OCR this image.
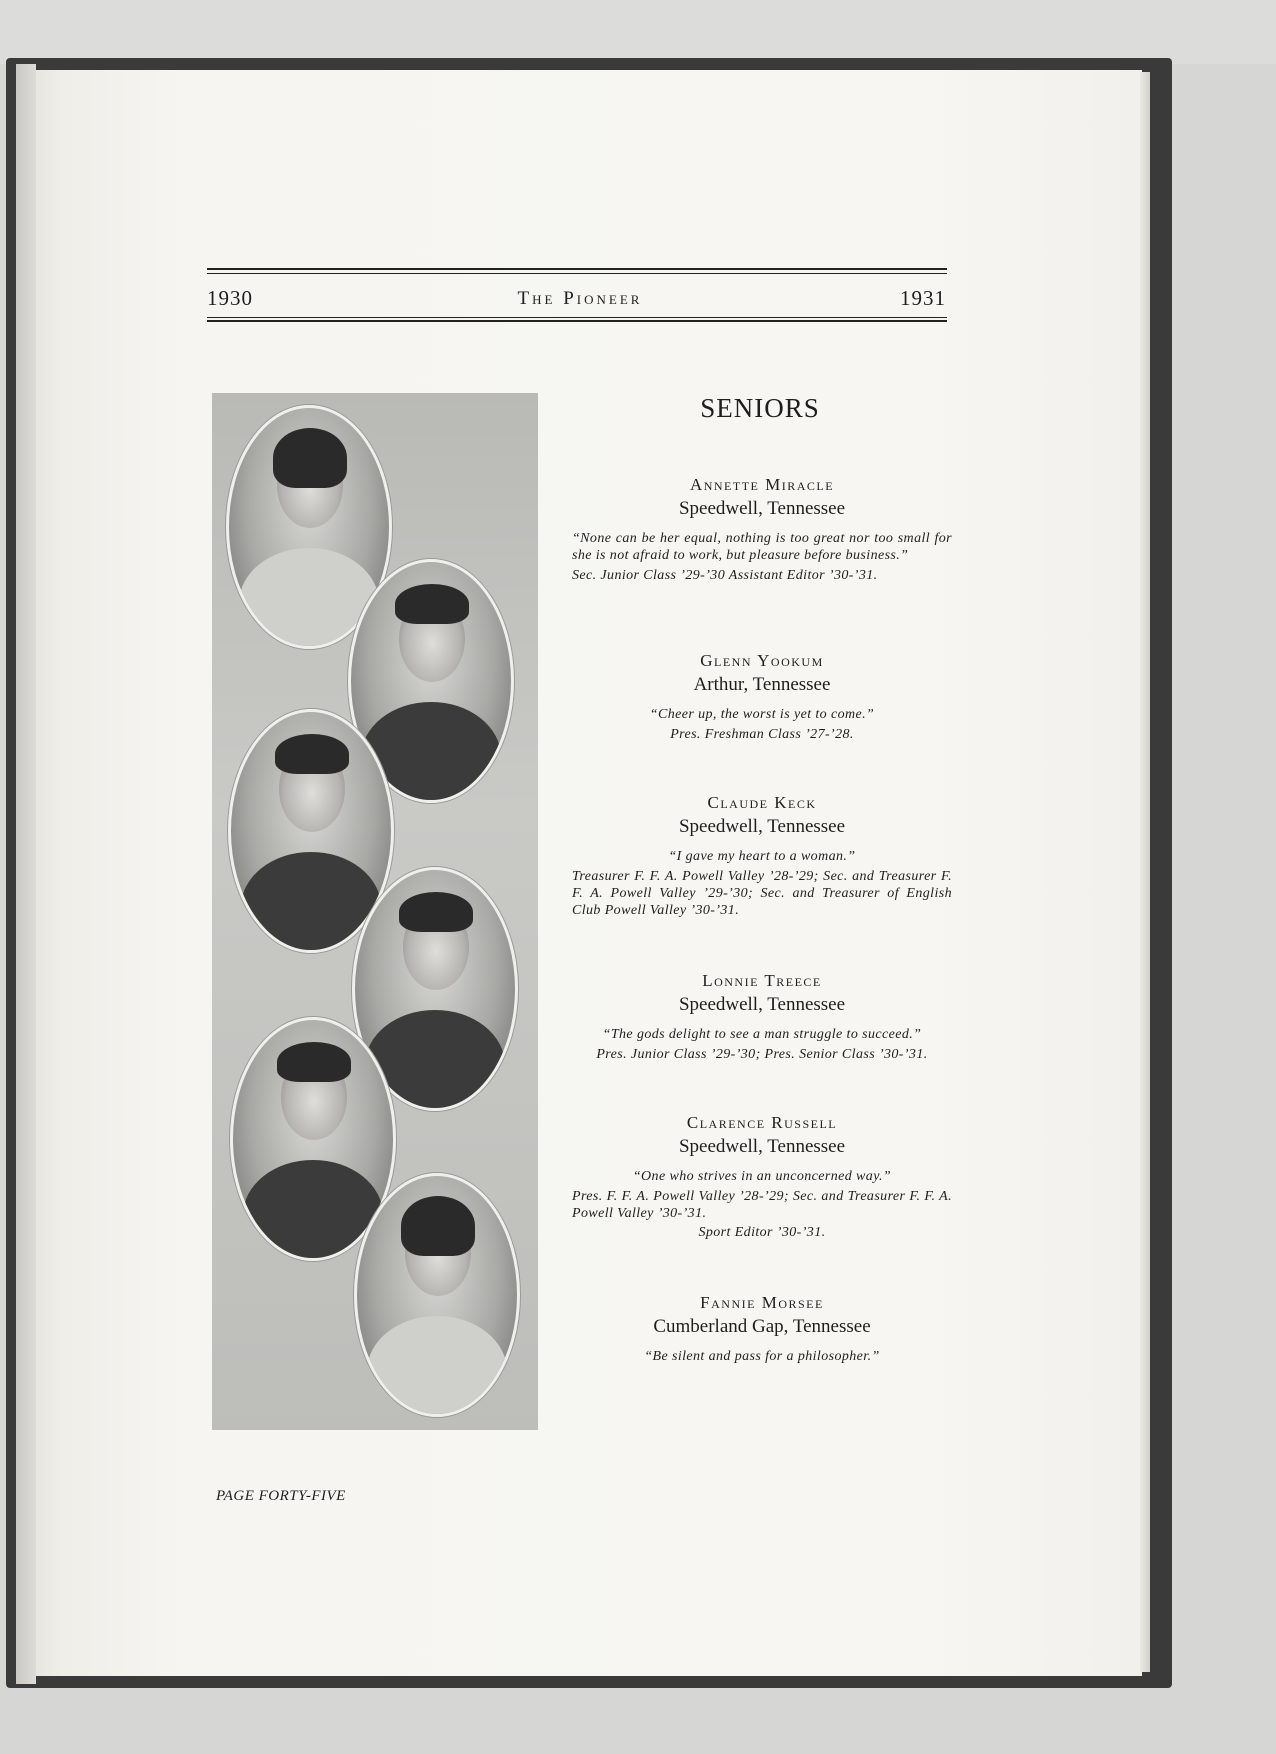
1930	The Pioneer	1931
SENIORS
Annette Miracle
Speedwell, Tennessee
“None can be her equal, nothing is too great nor too small for she is not afraid to work, but pleasure before business.”
Sec. Junior Class ’29-’30 Assistant Editor ’30-’31.
Glenn Yookum
Arthur, Tennessee
“Cheer up, the worst is yet to come.”
Pres. Freshman Class ’27-’28.
Claude Keck
Speedwell, Tennessee
“I gave my heart to a woman.”
Treasurer F. F. A. Powell Valley ’28-’29; Sec. and Treasurer F. F. A. Powell Valley ’29-’30; Sec. and Treasurer of English Club Powell Valley ’30-’31.
Lonnie Treece
Speedwell, Tennessee
“The gods delight to see a man struggle to succeed.”
Pres. Junior Class ’29-’30; Pres. Senior Class ’30-’31.
Clarence Russell
Speedwell, Tennessee
“One who strives in an unconcerned way.”
Pres. F. F. A. Powell Valley ’28-’29; Sec. and Treasurer F. F. A. Powell Valley ’30-’31.
Sport Editor ’30-’31.
Fannie Morsee
Cumberland Gap, Tennessee
“Be silent and pass for a philosopher.”
PAGE FORTY-FIVE
